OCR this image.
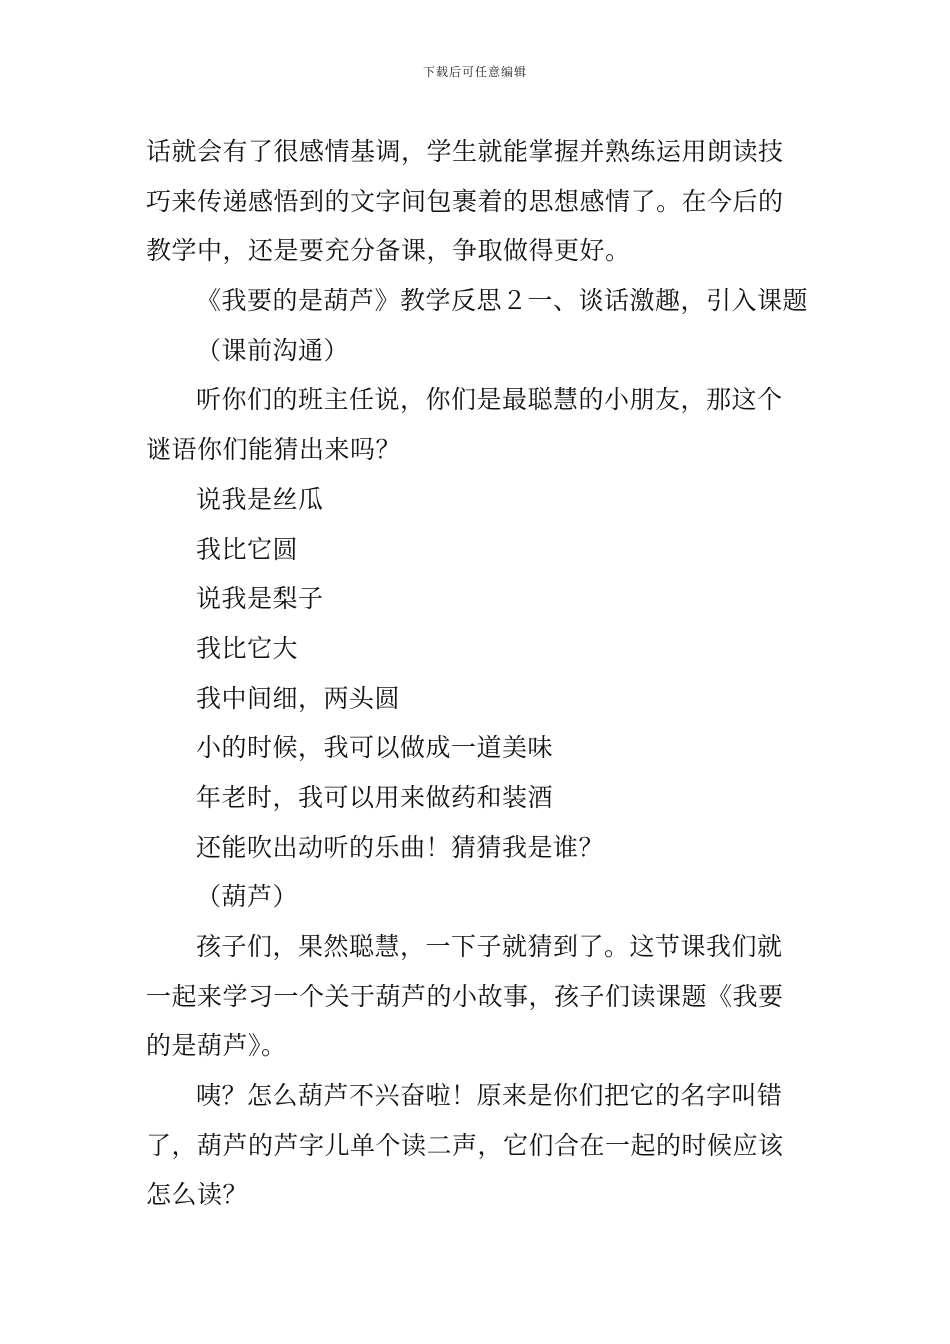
下载后可任意编辑
话就会有了很感情基调，学生就能掌握并熟练运用朗读技
巧来传递感悟到的文字间包裹着的思想感情了。在今后的
教学中，还是要充分备课，争取做得更好。
《我要的是葫芦》教学反思２一、谈话激趣，引入课题
（课前沟通）
听你们的班主任说，你们是最聪慧的小朋友，那这个
谜语你们能猜出来吗？
说我是丝瓜
我比它圆
说我是梨子
我比它大
我中间细，两头圆
小的时候，我可以做成一道美味
年老时，我可以用来做药和装酒
还能吹出动听的乐曲！猜猜我是谁？
（葫芦）
孩子们，果然聪慧，一下子就猜到了。这节课我们就
一起来学习一个关于葫芦的小故事，孩子们读课题《我要
的是葫芦》。
咦？怎么葫芦不兴奋啦！原来是你们把它的名字叫错
了，葫芦的芦字儿单个读二声，它们合在一起的时候应该
怎么读？
